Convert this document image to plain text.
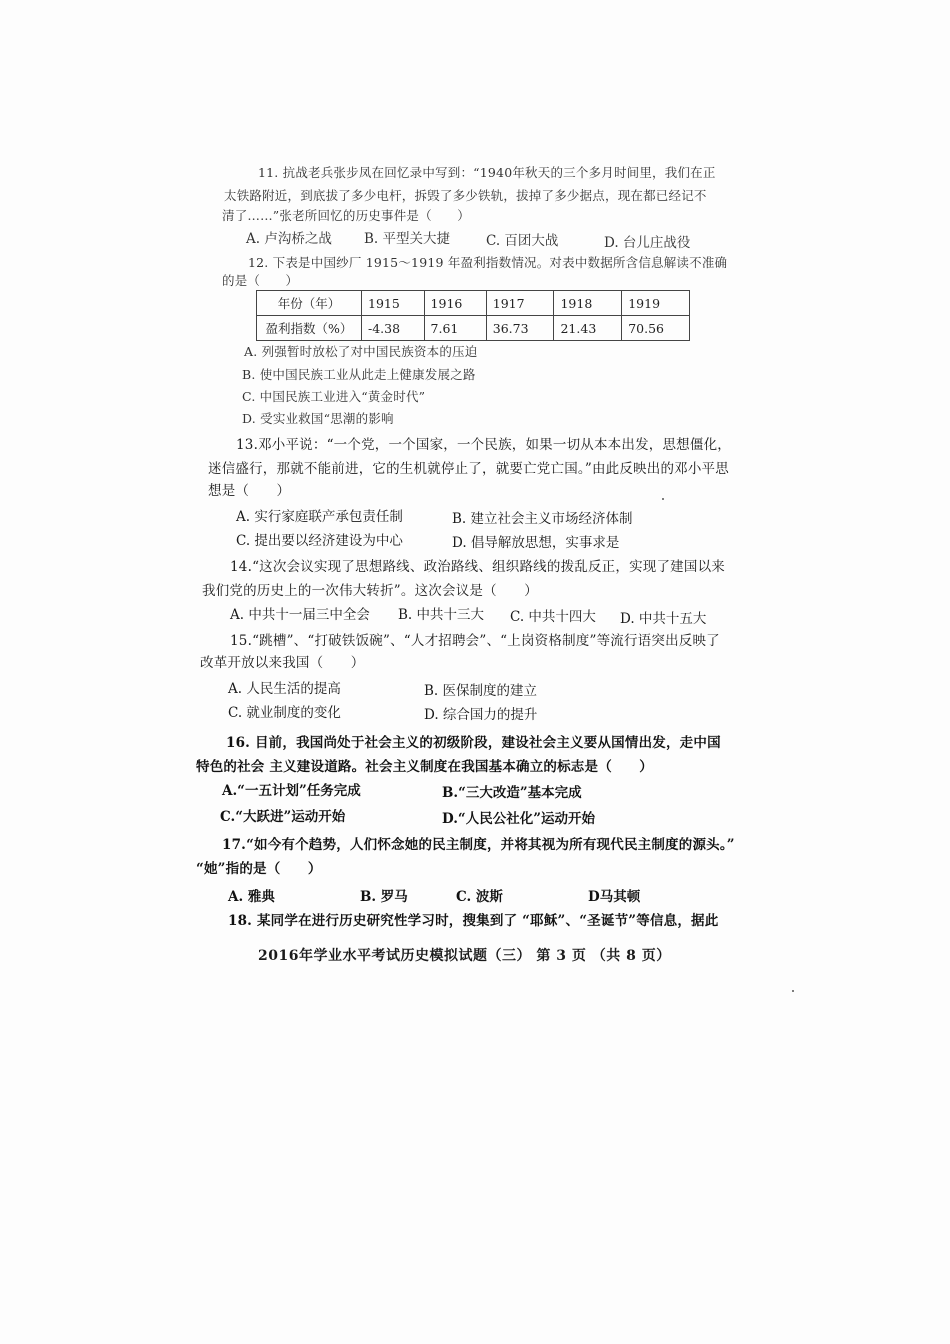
11. 抗战老兵张步凤在回忆录中写到：“1940年秋天的三个多月时间里，我们在正
太铁路附近，到底拔了多少电杆，拆毁了多少铁轨，拔掉了多少据点，现在都已经记不
清了……”张老所回忆的历史事件是（　　）
A. 卢沟桥之战 B. 平型关大捷	C. 百团大战	D. 台儿庄战役
12. 下表是中国纱厂 1915～1919 年盈利指数情况。对表中数据所含信息解读不准确
的是（　　）
年份（年）	1915	1916	1917	1918	1919
盈利指数（%）	-4.38	7.61	36.73	21.43	70.56
A. 列强暂时放松了对中国民族资本的压迫
B. 使中国民族工业从此走上健康发展之路
C. 中国民族工业进入“黄金时代”
D. 受实业救国“思潮的影响
13.邓小平说：“一个党，一个国家，一个民族，如果一切从本本出发，思想僵化，
迷信盛行，那就不能前进，它的生机就停止了，就要亡党亡国。”由此反映出的邓小平思
想是（　　）
A. 实行家庭联产承包责任制	B. 建立社会主义市场经济体制
C. 提出要以经济建设为中心	D. 倡导解放思想，实事求是
14.“这次会议实现了思想路线、政治路线、组织路线的拨乱反正，实现了建国以来
我们党的历史上的一次伟大转折”。这次会议是（　　）
A. 中共十一届三中全会 B. 中共十三大 C. 中共十四大 D. 中共十五大
15.“跳槽”、“打破铁饭碗”、“人才招聘会”、“上岗资格制度”等流行语突出反映了
改革开放以来我国（　　）
A. 人民生活的提高	B. 医保制度的建立
C. 就业制度的变化	D. 综合国力的提升
16. 目前，我国尚处于社会主义的初级阶段，建设社会主义要从国情出发，走中国
特色的社会 主义建设道路。社会主义制度在我国基本确立的标志是（　　）
A.“一五计划”任务完成	B.“三大改造”基本完成
C.“大跃进”运动开始	D.“人民公社化”运动开始
17.“如今有个趋势，人们怀念她的民主制度，并将其视为所有现代民主制度的源头。”
“她”指的是（　　）
A. 雅典	B. 罗马	C. 波斯	D马其顿
18. 某同学在进行历史研究性学习时，搜集到了 “耶稣”、“圣诞节”等信息，据此
2016年学业水平考试历史模拟试题（三） 第 3 页 （共 8 页）
